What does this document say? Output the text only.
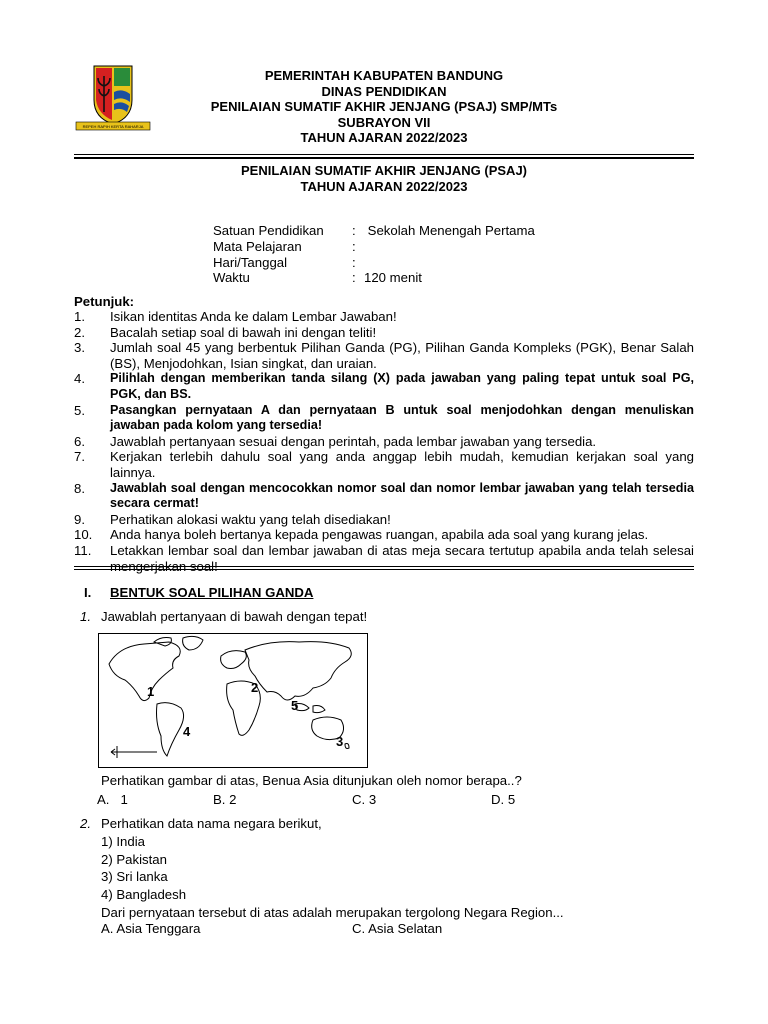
REPEH RAPIH KERTA RAHARJA
PEMERINTAH KABUPATEN BANDUNG
DINAS PENDIDIKAN
PENILAIAN SUMATIF AKHIR JENJANG (PSAJ) SMP/MTs
SUBRAYON VII
TAHUN AJARAN 2022/2023
PENILAIAN SUMATIF AKHIR JENJANG (PSAJ)
TAHUN AJARAN 2022/2023
Satuan Pendidikan	: Sekolah Menengah Pertama
Mata Pelajaran	:
Hari/Tanggal	:
Waktu	: 120 menit
Petunjuk:
1.	Isikan identitas Anda ke dalam Lembar Jawaban!
2.	Bacalah setiap soal di bawah ini dengan teliti!
3.	Jumlah soal 45 yang berbentuk Pilihan Ganda (PG), Pilihan Ganda Kompleks (PGK), Benar Salah (BS), Menjodohkan, Isian singkat, dan uraian.
4.	Pilihlah dengan memberikan tanda silang (X) pada jawaban yang paling tepat untuk soal PG, PGK, dan BS.
5.	Pasangkan pernyataan A dan pernyataan B untuk soal menjodohkan dengan menuliskan jawaban pada kolom yang tersedia!
6.	Jawablah pertanyaan sesuai dengan perintah, pada lembar jawaban yang tersedia.
7.	Kerjakan terlebih dahulu soal yang anda anggap lebih mudah, kemudian kerjakan soal yang lainnya.
8.	Jawablah soal dengan mencocokkan nomor soal dan nomor lembar jawaban yang telah tersedia secara cermat!
9.	Perhatikan alokasi waktu yang telah disediakan!
10.	Anda hanya boleh bertanya kepada pengawas ruangan, apabila ada soal yang kurang jelas.
11.	Letakkan lembar soal dan lembar jawaban di atas meja secara tertutup apabila anda telah selesai mengerjakan soal!
I. BENTUK SOAL PILIHAN GANDA
1. Jawablah pertanyaan di bawah dengan tepat!
1	2
3
4
5
Perhatikan gambar di atas, Benua Asia ditunjukan oleh nomor berapa..?
A.   1	B. 2	C. 3	D. 5
2. Perhatikan data nama negara berikut,
1) India
2) Pakistan
3) Sri lanka
4) Bangladesh
Dari pernyataan tersebut di atas adalah merupakan tergolong Negara Region...
A. Asia Tenggara	C. Asia Selatan
